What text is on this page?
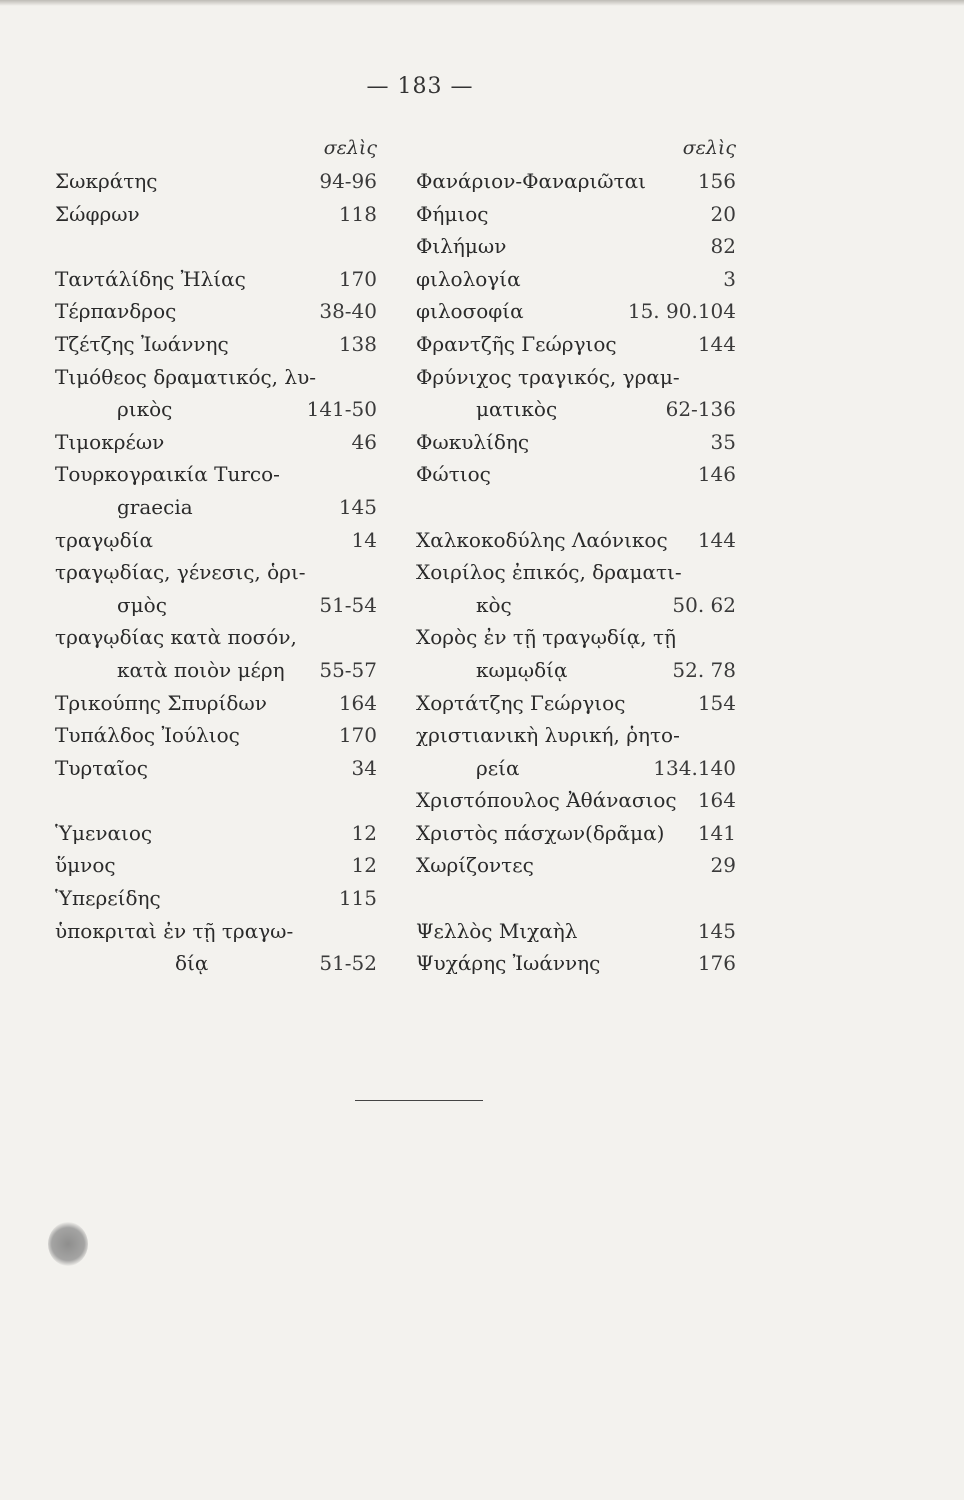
— 183 —
σελὶς
Σωκράτης	94-96
Σώφρων	118
Ταντάλίδης Ἠλίας	170
Τέρπανδρος	38-40
Τζέτζης Ἰωάννης	138
Τιμόθεος δραματικός, λυ-
ρικὸς	141-50
Τιμοκρέων	46
Τουρκογραικία Turco-
graecia	145
τραγῳδία	14
τραγῳδίας, γένεσις, ὁρι-
σμὸς	51-54
τραγῳδίας κατὰ ποσόν,
κατὰ ποιὸν μέρη 55-57
Τρικούπης Σπυρίδων	164
Τυπάλδος Ἰούλιος	170
Τυρταῖος	34
Ὑμεναιος	12
ὕμνος	12
Ὑπερείδης	115
ὑποκριταὶ ἐν τῇ τραγω-
δίᾳ	51-52
σελὶς
Φανάριον-Φαναριῶται	156
Φήμιος	20
Φιλήμων	82
φιλολογία	3
φιλοσοφία	15. 90.104
Φραντζῆς Γεώργιος	144
Φρύνιχος τραγικός, γραμ-
ματικὸς	62-136
Φωκυλίδης	35
Φώτιος	146
Χαλκοκοδύλης Λαόνικος 144
Χοιρίλος ἐπικός, δραματι-
κὸς	50. 62
Χορὸς ἐν τῇ τραγῳδίᾳ, τῇ
κωμῳδίᾳ	52. 78
Χορτάτζης Γεώργιος	154
χριστιανικὴ λυρική, ῥητο-
ρεία	134.140
Χριστόπουλος Ἀθάνασιος 164
Χριστὸς πάσχων(δρᾶμα) 141
Χωρίζοντες	29
Ψελλὸς Μιχαὴλ	145
Ψυχάρης Ἰωάννης	176
